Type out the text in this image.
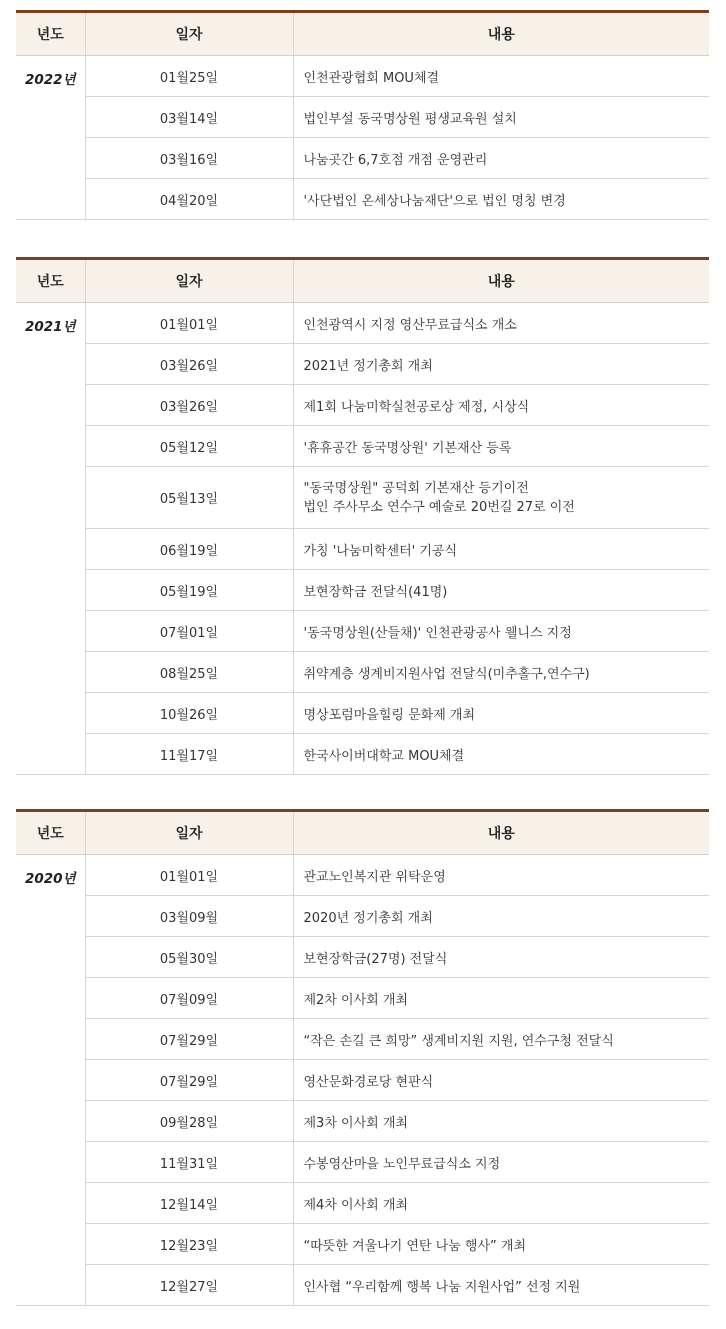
년도	일자	내용
2022년	01월25일	인천관광협회 MOU체결
	03월14일	법인부설 동국명상원 평생교육원 설치
	03월16일	나눔곳간 6,7호점 개점 운영관리
	04월20일	'사단법인 온세상나눔재단'으로 법인 명칭 변경
년도	일자	내용
2021년	01월01일	인천광역시 지정 영산무료급식소 개소
	03월26일	2021년 정기총회 개최
	03월26일	제1회 나눔미학실천공로상 제정, 시상식
	05월12일	'휴휴공간 동국명상원' 기본재산 등록
	05월13일	"동국명상원" 공덕회 기본재산 등기이전
법인 주사무소 연수구 예술로 20번길 27로 이전

	06월19일	가칭 '나눔미학센터' 기공식
	05월19일	보현장학금 전달식(41명)
	07월01일	'동국명상원(산들채)' 인천관광공사 웰니스 지정
	08월25일	취약계층 생계비지원사업 전달식(미추홀구,연수구)
	10월26일	명상포럼마을힐링 문화제 개최
	11월17일	한국사이버대학교 MOU체결
년도	일자	내용
2020년	01월01일	관교노인복지관 위탁운영
	03월09월	2020년 정기총회 개최
	05월30일	보현장학금(27명) 전달식
	07월09일	제2차 이사회 개최
	07월29일	“작은 손길 큰 희망” 생계비지원 지원, 연수구청 전달식
	07월29일	영산문화경로당 현판식
	09월28일	제3차 이사회 개최
	11월31일	수봉영산마을 노인무료급식소 지정
	12월14일	제4차 이사회 개최
	12월23일	“따뜻한 겨울나기 연탄 나눔 행사” 개최
	12월27일	인사협 “우리함께 행복 나눔 지원사업” 선정 지원
